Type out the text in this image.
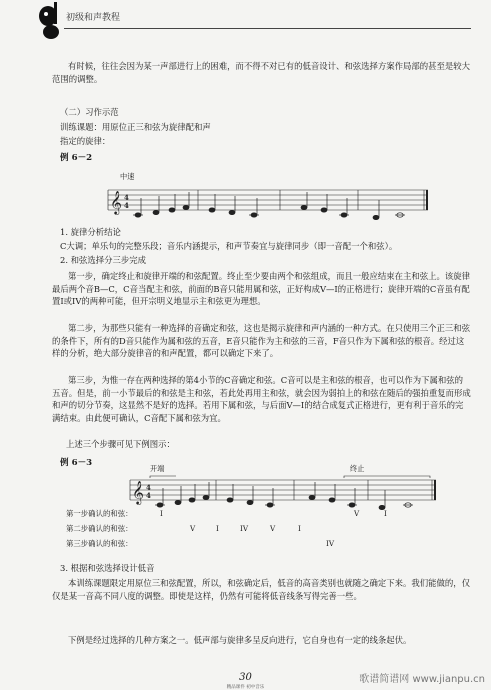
初级和声教程
有时候，往往会因为某一声部进行上的困难，而不得不对已有的低音设计、和弦选择方案作局部的甚至是较大范围的调整。
（二）习作示范
训练课题：用原位正三和弦为旋律配和声
指定的旋律：
例 6－2
中速
𝄞 4
4
1. 旋律分析结论
C大调；单乐句的完整乐段；音乐内涵提示，和声节奏宜与旋律同步（即一音配一个和弦）。
2. 和弦选择分三步完成
第一步，确定终止和旋律开端的和弦配置。终止至少要由两个和弦组成，而且一般应结束在主和弦上。该旋律最后两个音B—C，C音当配主和弦，前面的B音只能用属和弦，正好构成V—I的正格进行；旋律开端的C音虽有配置I或IV的两种可能，但开宗明义地显示主和弦更为理想。
第二步，为那些只能有一种选择的音确定和弦，这也是揭示旋律和声内涵的一种方式。在只使用三个正三和弦的条件下，所有的D音只能作为属和弦的五音，E音只能作为主和弦的三音，F音只作为下属和弦的根音。经过这样的分析，绝大部分旋律音的和声配置，都可以确定下来了。
第三步，为惟一存在两种选择的第4小节的C音确定和弦。C音可以是主和弦的根音，也可以作为下属和弦的五音。但是，前一小节最后的和弦是主和弦，若此处再用主和弦，就会因为弱拍上的和弦在随后的强拍重复而形成和声的切分节奏，这显然不是好的选择。若用下属和弦，与后面V—I的结合成复式正格进行，更有利于音乐的完满结束。由此便可确认，C音配下属和弦为宜。
上述三个步骤可见下例图示：
例 6－3
开端	终止
𝄞 4
4
第一步确认的和弦：	I	V	I
第二步确认的和弦：	V	I	IV	V	I
第三步确认的和弦：	IV
3. 根据和弦选择设计低音
本训练课题限定用原位三和弦配置，所以，和弦确定后，低音的高音类别也就随之确定下来。我们能做的，仅仅是某一音高不同八度的调整。即使是这样，仍然有可能将低音线条写得完善一些。
下例是经过选择的几种方案之一。低声部与旋律多呈反向进行，它自身也有一定的线条起伏。
30
精品课件 初中音乐
歌谱简谱网 www.jianpu.cn
